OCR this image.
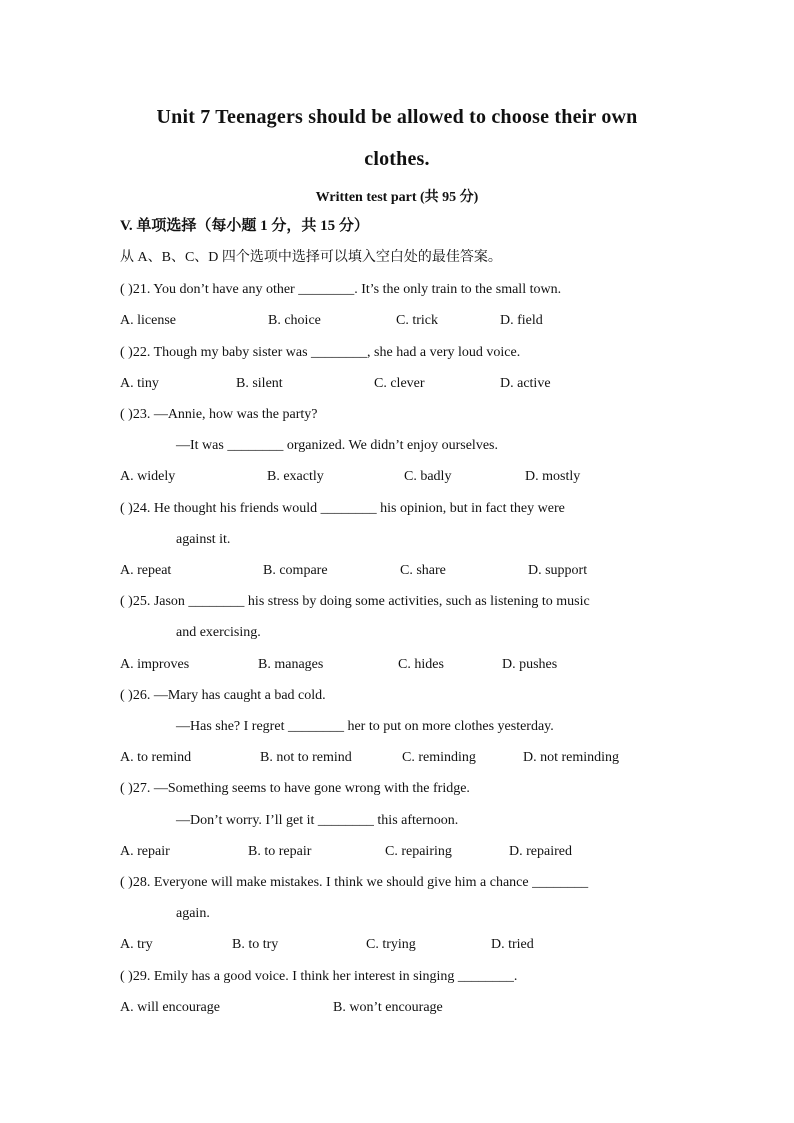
Unit 7 Teenagers should be allowed to choose their own
clothes.
Written test part (共 95 分)
V. 单项选择（每小题 1 分，共 15 分）
从 A、B、C、D 四个选项中选择可以填入空白处的最佳答案。
( )21. You don’t have any other ________. It’s the only train to the small town.
A. license	B. choice	C. trick	D. field
( )22. Though my baby sister was ________, she had a very loud voice.
A. tiny	B. silent	C. clever	D. active
( )23. —Annie, how was the party?
—It was ________ organized. We didn’t enjoy ourselves.
A. widely	B. exactly	C. badly	D. mostly
( )24. He thought his friends would ________ his opinion, but in fact they were
against it.
A. repeat	B. compare	C. share	D. support
( )25. Jason ________ his stress by doing some activities, such as listening to music
and exercising.
A. improves	B. manages	C. hides	D. pushes
( )26. —Mary has caught a bad cold.
—Has she? I regret ________ her to put on more clothes yesterday.
A. to remind	B. not to remind	C. reminding	D. not reminding
( )27. —Something seems to have gone wrong with the fridge.
—Don’t worry. I’ll get it ________ this afternoon.
A. repair	B. to repair	C. repairing	D. repaired
( )28. Everyone will make mistakes. I think we should give him a chance ________
again.
A. try	B. to try	C. trying	D. tried
( )29. Emily has a good voice. I think her interest in singing ________.
A. will encourage	B. won’t encourage
